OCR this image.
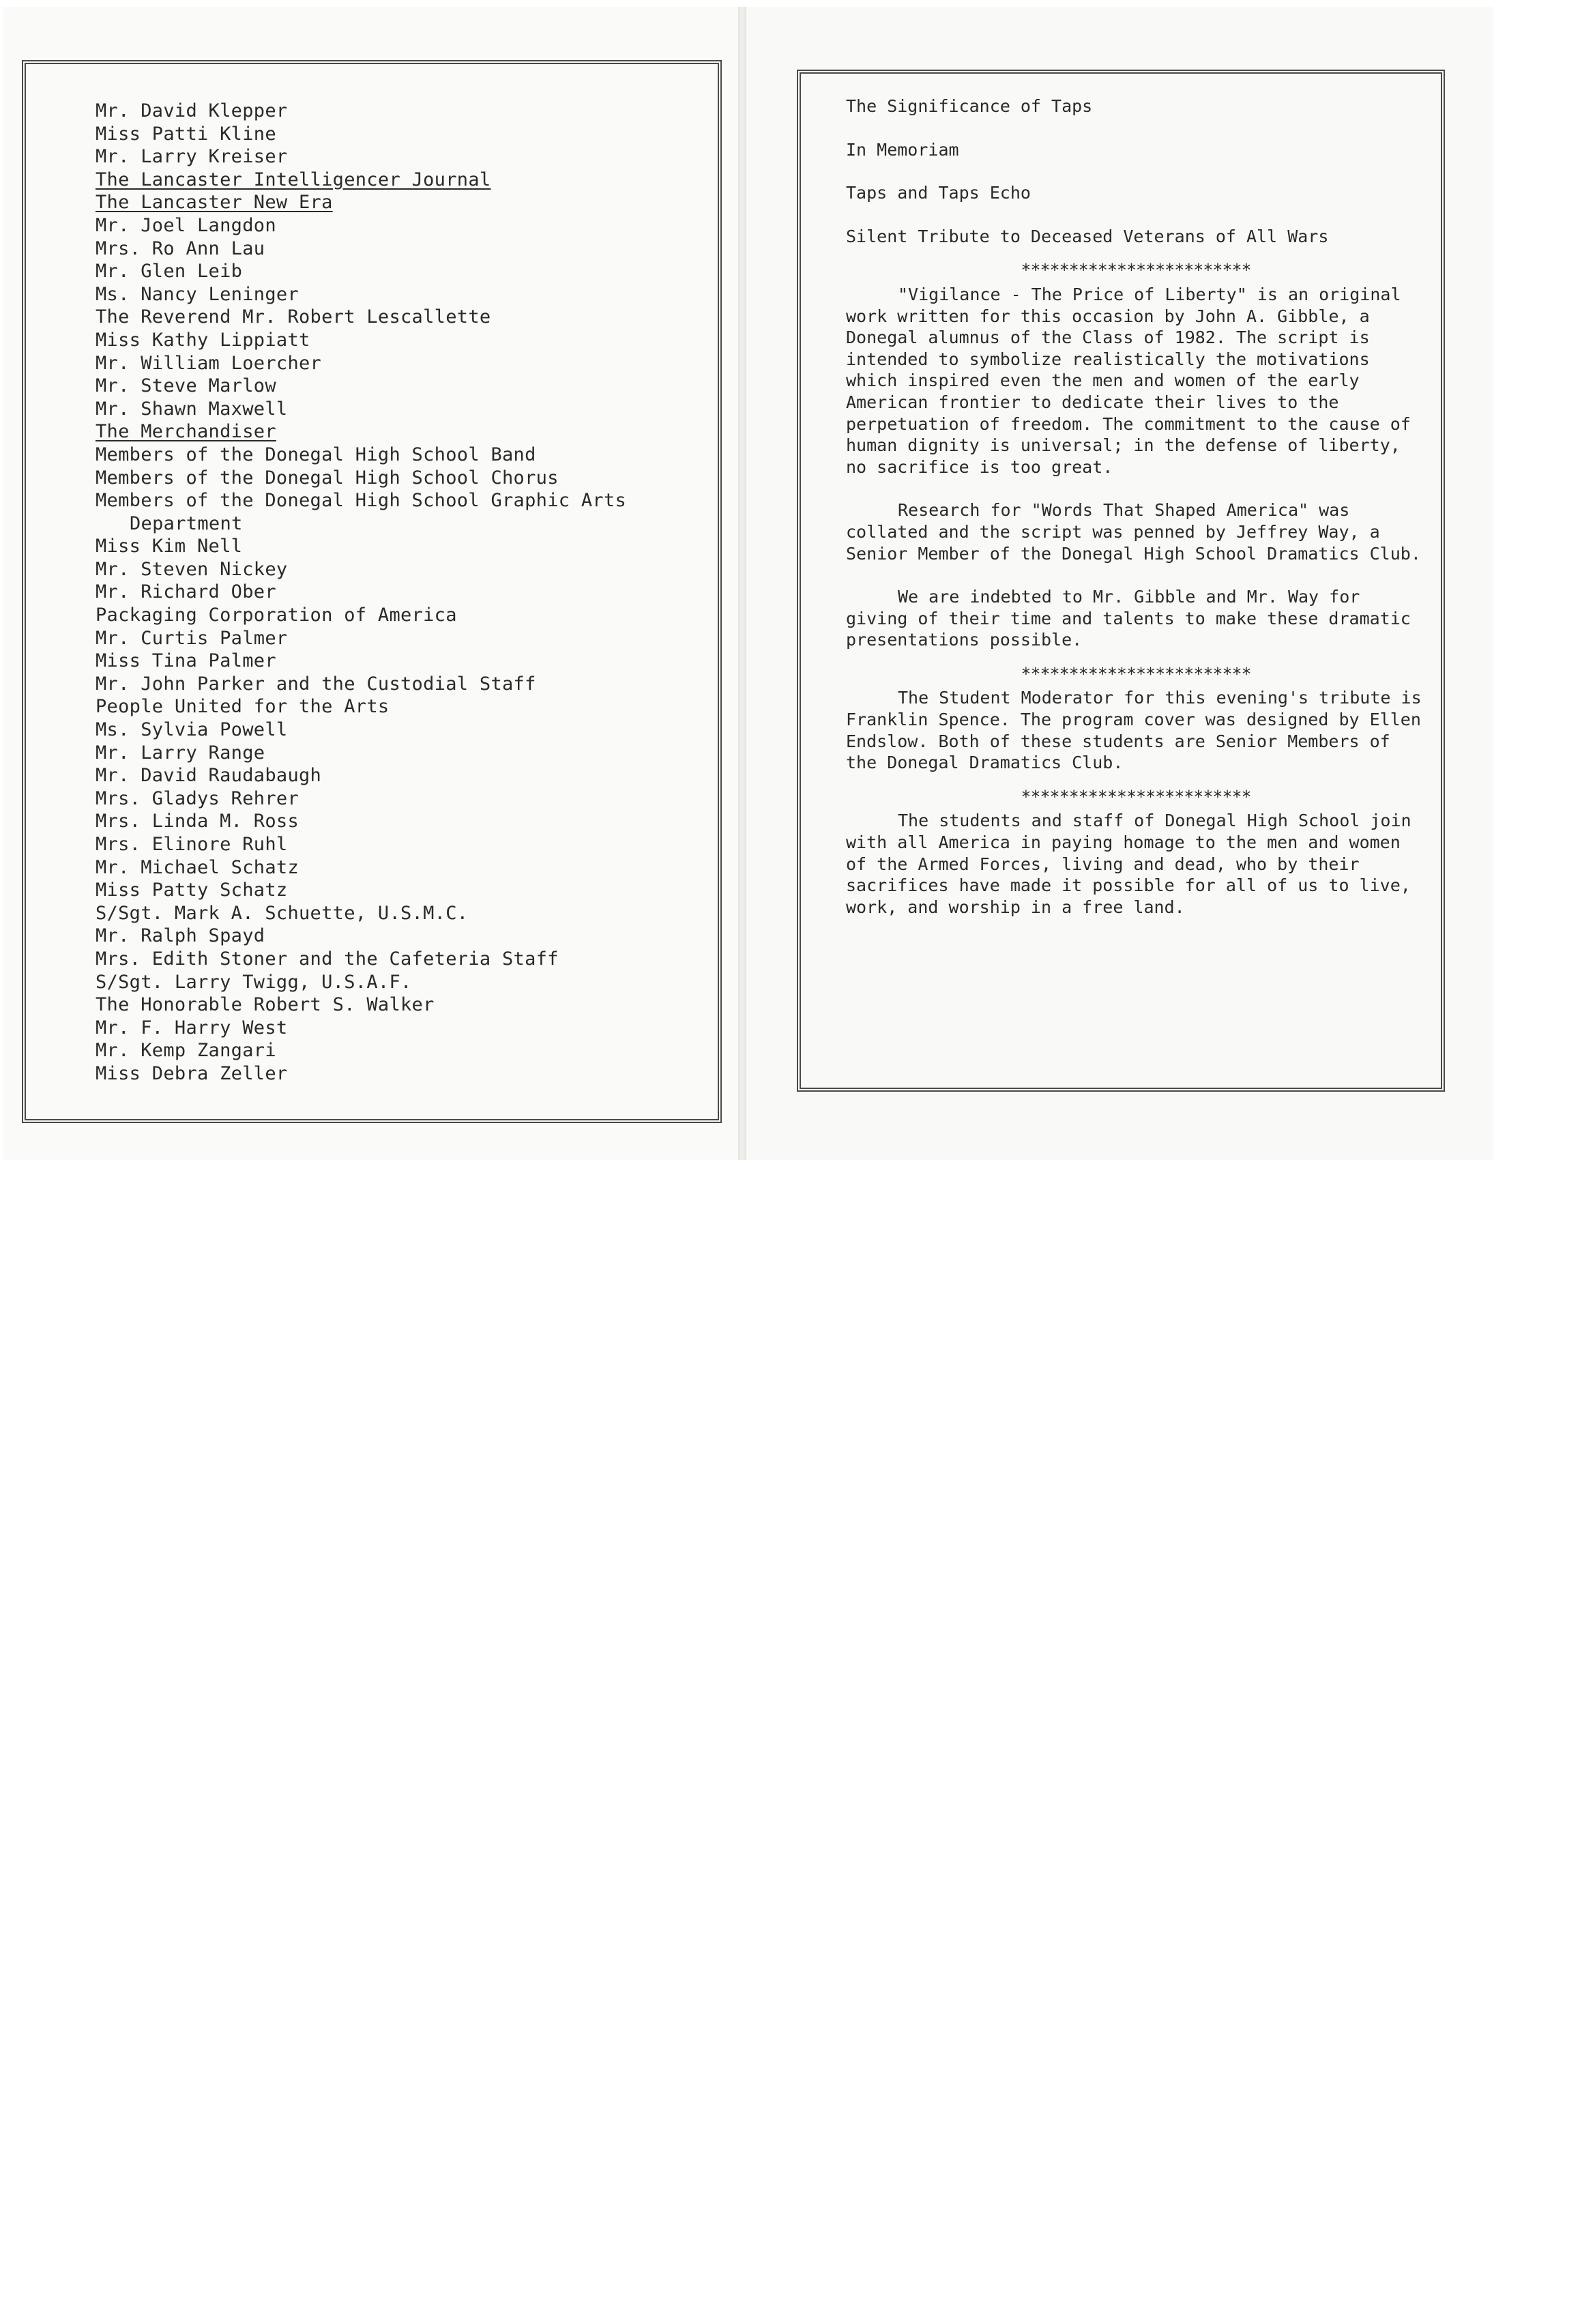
Mr. David Klepper
Miss Patti Kline
Mr. Larry Kreiser
The Lancaster Intelligencer Journal
The Lancaster New Era
Mr. Joel Langdon
Mrs. Ro Ann Lau
Mr. Glen Leib
Ms. Nancy Leninger
The Reverend Mr. Robert Lescallette
Miss Kathy Lippiatt
Mr. William Loercher
Mr. Steve Marlow
Mr. Shawn Maxwell
The Merchandiser
Members of the Donegal High School Band
Members of the Donegal High School Chorus
Members of the Donegal High School Graphic Arts
Department
Miss Kim Nell
Mr. Steven Nickey
Mr. Richard Ober
Packaging Corporation of America
Mr. Curtis Palmer
Miss Tina Palmer
Mr. John Parker and the Custodial Staff
People United for the Arts
Ms. Sylvia Powell
Mr. Larry Range
Mr. David Raudabaugh
Mrs. Gladys Rehrer
Mrs. Linda M. Ross
Mrs. Elinore Ruhl
Mr. Michael Schatz
Miss Patty Schatz
S/Sgt. Mark A. Schuette, U.S.M.C.
Mr. Ralph Spayd
Mrs. Edith Stoner and the Cafeteria Staff
S/Sgt. Larry Twigg, U.S.A.F.
The Honorable Robert S. Walker
Mr. F. Harry West
Mr. Kemp Zangari
Miss Debra Zeller
The Significance of Taps
In Memoriam
Taps and Taps Echo
Silent Tribute to Deceased Veterans of All Wars
************************

"Vigilance - The Price of Liberty" is an original work written for this occasion by John A. Gibble, a Donegal alumnus of the Class of 1982. The script is intended to symbolize realistically the motivations which inspired even the men and women of the early American frontier to dedicate their lives to the perpetuation of freedom. The commitment to the cause of human dignity is universal; in the defense of liberty, no sacrifice is too great.

Research for "Words That Shaped America" was collated and the script was penned by Jeffrey Way, a Senior Member of the Donegal High School Dramatics Club.

We are indebted to Mr. Gibble and Mr. Way for giving of their time and talents to make these dramatic presentations possible.

************************

The Student Moderator for this evening's tribute is Franklin Spence. The program cover was designed by Ellen Endslow. Both of these students are Senior Members of the Donegal Dramatics Club.

************************

The students and staff of Donegal High School join with all America in paying homage to the men and women of the Armed Forces, living and dead, who by their sacrifices have made it possible for all of us to live, work, and worship in a free land.
